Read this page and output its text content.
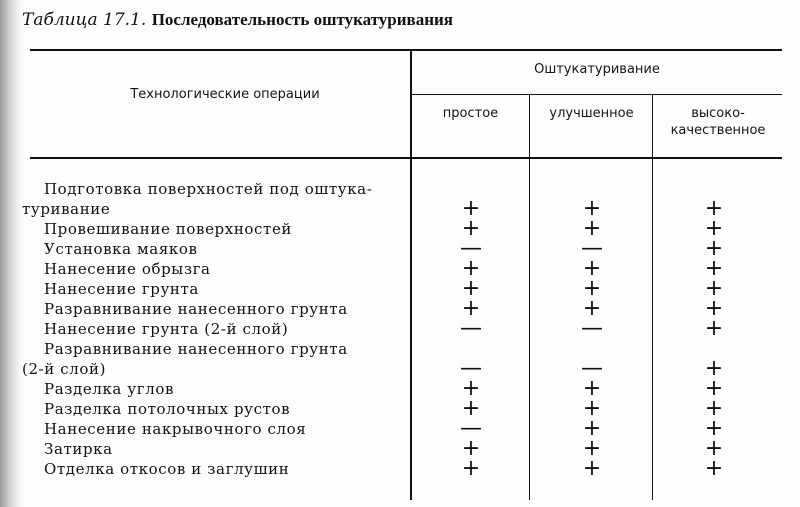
Таблица 17.1. Последовательность оштукатуривания
Технологические операции
Оштукатуривание
простое	улучшенное	высоко-
качественное
Подготовка поверхностей под оштука-
туривание
Провешивание поверхностей
Установка маяков
Нанесение обрызга
Нанесение грунта
Разравнивание нанесенного грунта
Нанесение грунта (2-й слой)
Разравнивание нанесенного грунта
(2-й слой)
Разделка углов
Разделка потолочных рустов
Нанесение накрывочного слоя
Затирка
Отделка откосов и заглушин
+
+
—
+
+
+
—
—
+
+
—
+
+
+
+
—
+
+
+
—
—
+
+
+
+
+
+
+
+
+
+
+
+
+
+
+
+
+
+
